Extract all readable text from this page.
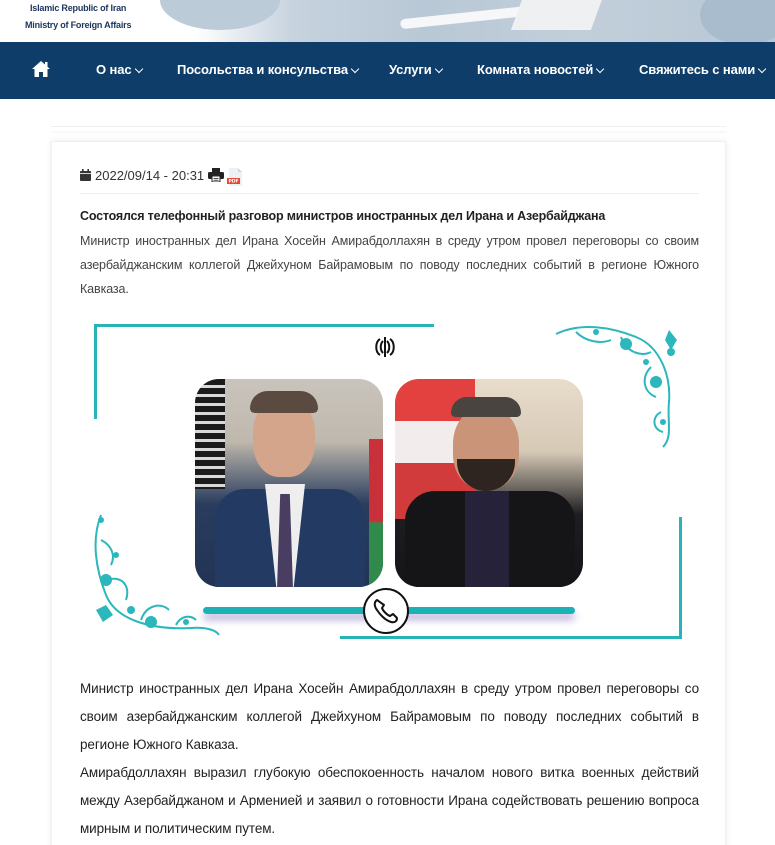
Islamic Republic of Iran
Ministry of Foreign Affairs
О нас	Посольства и консульства	Услуги	Комната новостей	Свяжитесь с нами
2022/09/14 - 20:31	PDF
Состоялся телефонный разговор министров иностранных дел Ирана и Азербайджана

Министр иностранных дел Ирана Хосейн Амирабдоллахян в среду утром провел переговоры со своим азербайджанским коллегой Джейхуном Байрамовым по поводу последних событий в регионе Южного Кавказа.

Министр иностранных дел Ирана Хосейн Амирабдоллахян в среду утром провел переговоры со своим азербайджанским коллегой Джейхуном Байрамовым по поводу последних событий в регионе Южного Кавказа.

Амирабдоллахян выразил глубокую обеспокоенность началом нового витка военных действий между Азербайджаном и Арменией и заявил о готовности Ирана содействовать решению вопроса мирным и политическим путем.
